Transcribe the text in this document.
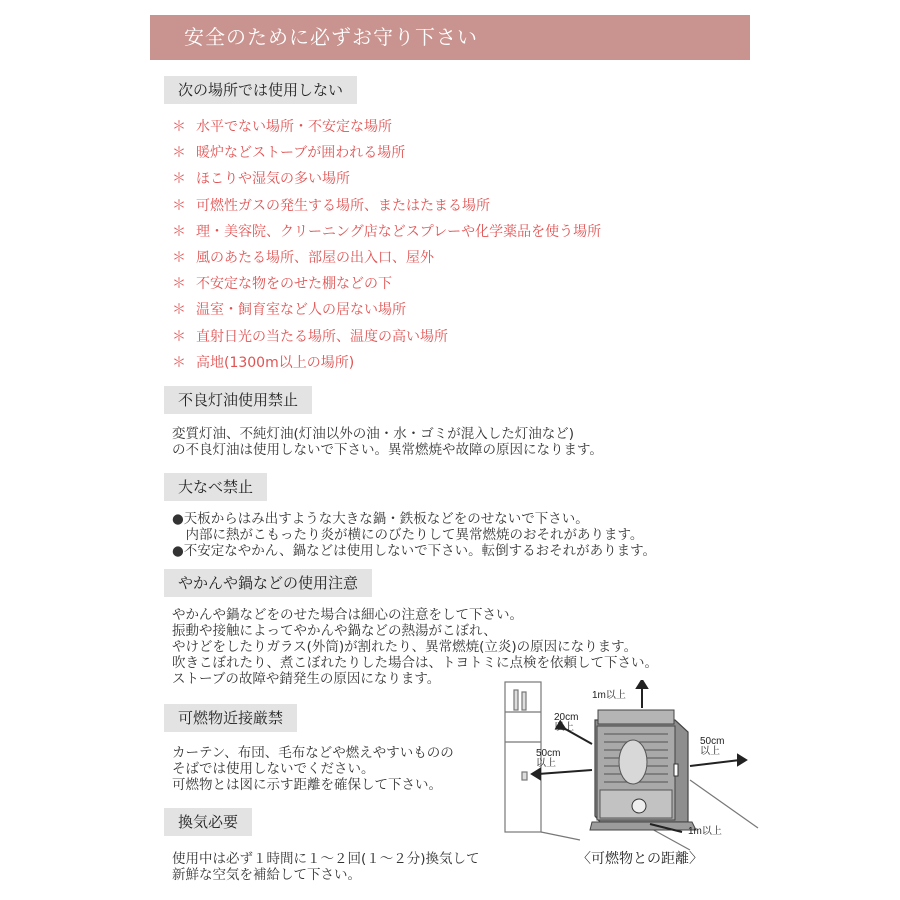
安全のために必ずお守り下さい
次の場所では使用しない
＊ 水平でない場所・不安定な場所
＊ 暖炉などストーブが囲われる場所
＊ ほこりや湿気の多い場所
＊ 可燃性ガスの発生する場所、またはたまる場所
＊ 理・美容院、クリーニング店などスプレーや化学薬品を使う場所
＊ 風のあたる場所、部屋の出入口、屋外
＊ 不安定な物をのせた棚などの下
＊ 温室・飼育室など人の居ない場所
＊ 直射日光の当たる場所、温度の高い場所
＊ 高地(1300m以上の場所)
不良灯油使用禁止
変質灯油、不純灯油(灯油以外の油・水・ゴミが混入した灯油など)
の不良灯油は使用しないで下さい。異常燃焼や故障の原因になります。
大なべ禁止
●天板からはみ出すような大きな鍋・鉄板などをのせないで下さい。
　内部に熱がこもったり炎が横にのびたりして異常燃焼のおそれがあります。
●不安定なやかん、鍋などは使用しないで下さい。転倒するおそれがあります。
やかんや鍋などの使用注意
やかんや鍋などをのせた場合は細心の注意をして下さい。
振動や接触によってやかんや鍋などの熱湯がこぼれ、
やけどをしたりガラス(外筒)が割れたり、異常燃焼(立炎)の原因になります。
吹きこぼれたり、煮こぼれたりした場合は、トヨトミに点検を依頼して下さい。
ストーブの故障や錆発生の原因になります。
可燃物近接厳禁
カーテン、布団、毛布などや燃えやすいものの
そばでは使用しないでください。
可燃物とは図に示す距離を確保して下さい。
換気必要
使用中は必ず１時間に１～２回(１～２分)換気して
新鮮な空気を補給して下さい。
1m以上
20cm
以上
50cm
以上
50cm
以上
1m以上
〈可燃物との距離〉
